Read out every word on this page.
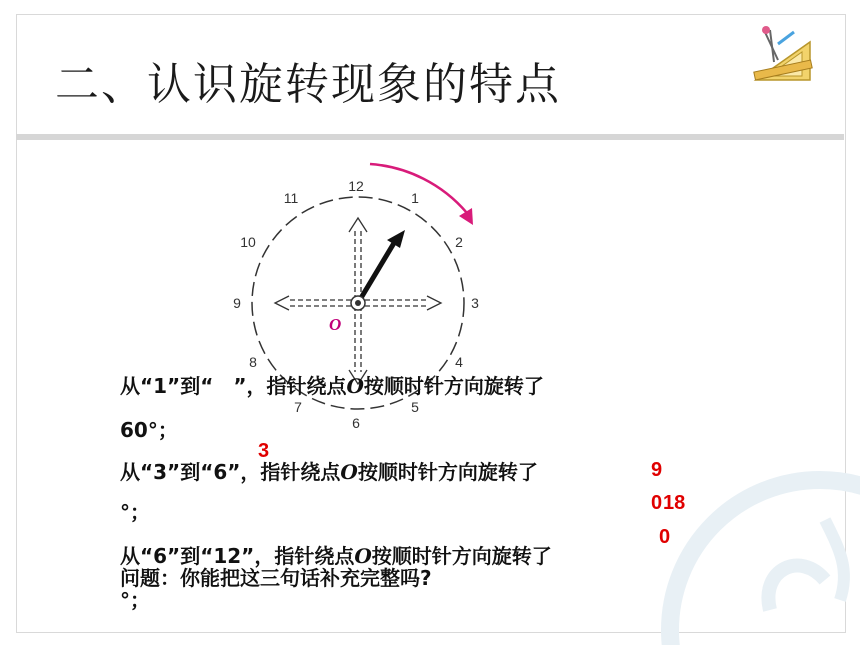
二、认识旋转现象的特点
O
12
1
2
3
4
5
6
7
8
9
10
11
从“1”到“　”，指针绕点O按顺时针方向旋转了
60°；
从“3”到“6”，指针绕点O按顺时针方向旋转了
°；
从“6”到“12”，指针绕点O按顺时针方向旋转了
°；
问题：你能把这三句话补充完整吗?
3
9
0 18
0
